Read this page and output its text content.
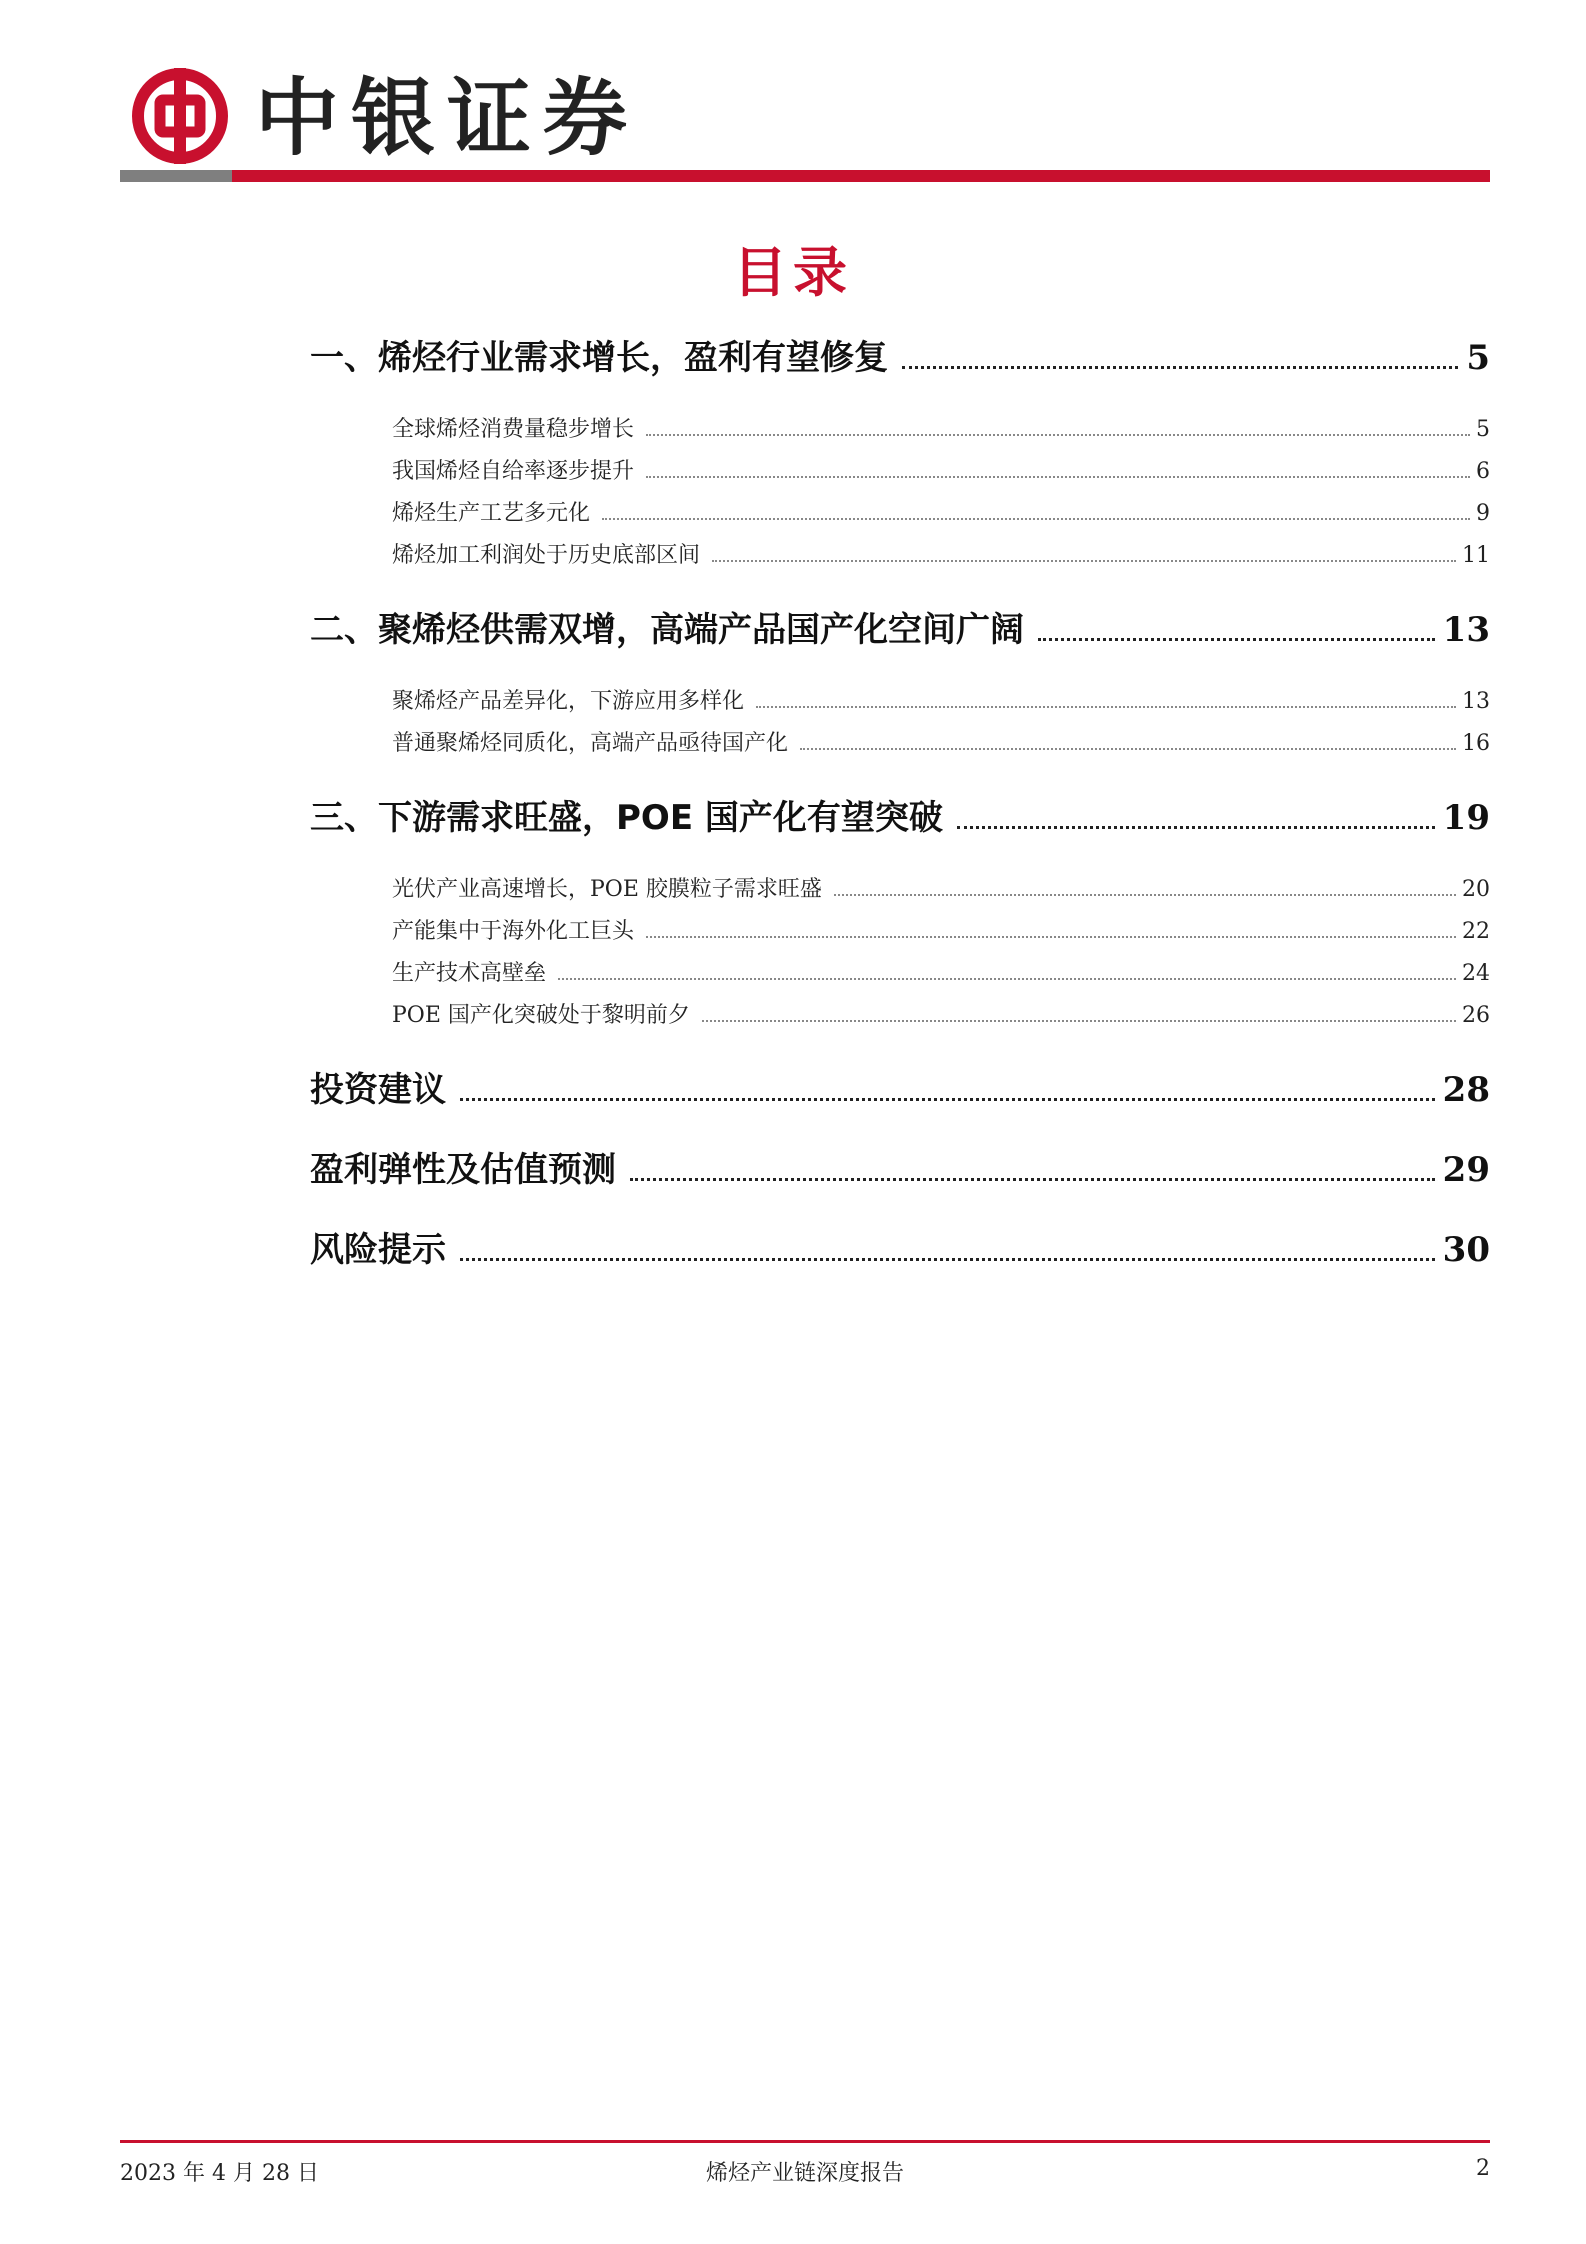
中银证券
目录
一、烯烃行业需求增长，盈利有望修复	5
全球烯烃消费量稳步增长	5
我国烯烃自给率逐步提升	6
烯烃生产工艺多元化	9
烯烃加工利润处于历史底部区间	11
二、聚烯烃供需双增，高端产品国产化空间广阔	13
聚烯烃产品差异化，下游应用多样化	13
普通聚烯烃同质化，高端产品亟待国产化	16
三、下游需求旺盛，POE 国产化有望突破	19
光伏产业高速增长，POE 胶膜粒子需求旺盛	20
产能集中于海外化工巨头	22
生产技术高壁垒	24
POE 国产化突破处于黎明前夕	26
投资建议	28
盈利弹性及估值预测	29
风险提示	30
2023 年 4 月 28 日	烯烃产业链深度报告	2
